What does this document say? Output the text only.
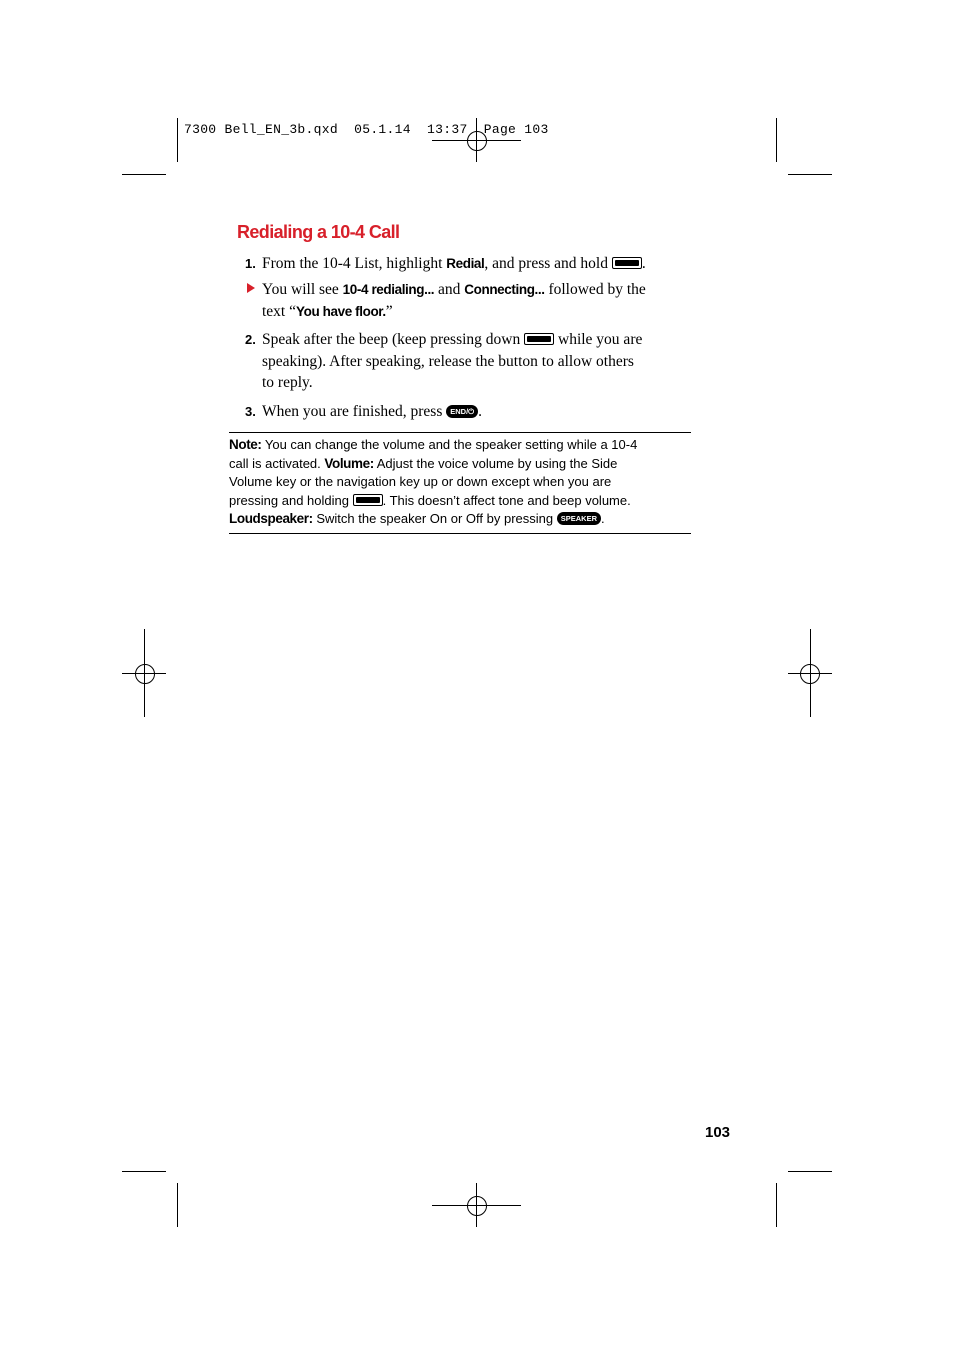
7300 Bell_EN_3b.qxd  05.1.14  13:37  Page 103
Redialing a 10-4 Call
1. From the 10-4 List, highlight Redial, and press and hold .
You will see 10-4 redialing... and Connecting... followed by the
text “You have floor.”
2. Speak after the beep (keep pressing down  while you are
speaking). After speaking, release the button to allow others
to reply.
3. When you are finished, press END/⏻ .
Note: You can change the volume and the speaker setting while a 10-4
call is activated. Volume: Adjust the voice volume by using the Side
Volume key or the navigation key up or down except when you are
pressing and holding . This doesn’t affect tone and beep volume.
Loudspeaker: Switch the speaker On or Off by pressing SPEAKER .
103
